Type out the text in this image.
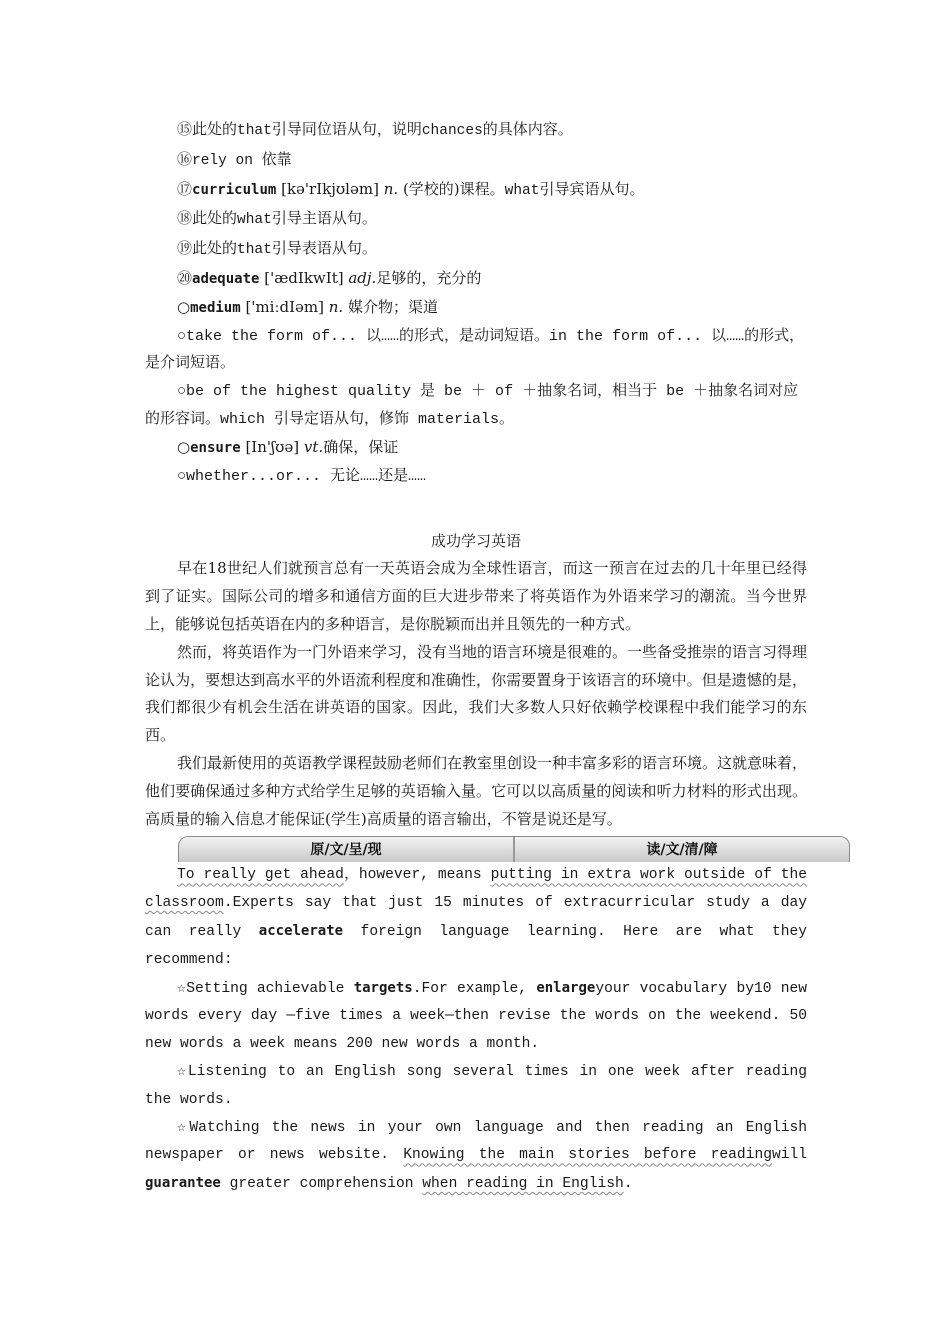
⑮此处的that引导同位语从句，说明chances的具体内容。

⑯rely on 依靠

⑰curriculum [kə'rIkjʊləm] n. (学校的)课程。what引导宾语从句。

⑱此处的what引导主语从句。

⑲此处的that引导表语从句。

⑳adequate ['ædIkwIt] adj.足够的，充分的

○medium ['miːdIəm] n. 媒介物；渠道

○take the form of... 以……的形式，是动词短语。in the form of... 以……的形式，是介词短语。

○be of the highest quality 是 be ＋ of ＋抽象名词，相当于 be ＋抽象名词对应的形容词。which 引导定语从句，修饰 materials。

○ensure [In'ʃʊə] vt.确保，保证

○whether...or... 无论……还是……

成功学习英语

早在18世纪人们就预言总有一天英语会成为全球性语言，而这一预言在过去的几十年里已经得到了证实。国际公司的增多和通信方面的巨大进步带来了将英语作为外语来学习的潮流。当今世界上，能够说包括英语在内的多种语言，是你脱颖而出并且领先的一种方式。

然而，将英语作为一门外语来学习，没有当地的语言环境是很难的。一些备受推崇的语言习得理论认为，要想达到高水平的外语流利程度和准确性，你需要置身于该语言的环境中。但是遗憾的是，我们都很少有机会生活在讲英语的国家。因此，我们大多数人只好依赖学校课程中我们能学习的东西。

我们最新使用的英语教学课程鼓励老师们在教室里创设一种丰富多彩的语言环境。这就意味着，他们要确保通过多种方式给学生足够的英语输入量。它可以以高质量的阅读和听力材料的形式出现。高质量的输入信息才能保证(学生)高质量的语言输出，不管是说还是写。

原/文/呈/现	读/文/清/障

To really get ahead，however, means putting in extra work outside of the classroom.Experts say that just 15 minutes of extracurricular study a day can really accelerate foreign language learning. Here are what they recommend:

☆Setting achievable targets.For example, enlargeyour vocabulary by10 new words every day —five times a week—then revise the words on the weekend. 50 new words a week means 200 new words a month.

☆Listening to an English song several times in one week after reading the words.

☆Watching the news in your own language and then reading an English newspaper or news website. Knowing the main stories before readingwill guarantee greater comprehension when reading in English.
